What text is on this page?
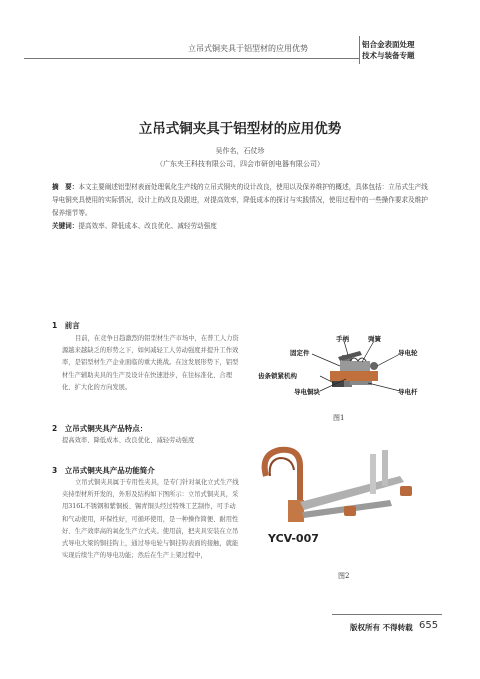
立吊式铜夹具于铝型材的应用优势	铝合金表面处理
技术与装备专题
立吊式铜夹具于铝型材的应用优势
吴作名，石仗珍
（广东夹王科技有限公司，四会市研创电器有限公司）
摘　要：本文主要阐述铝型材表面处理氧化生产线的立吊式铜夹的设计改良，使用以及保养维护的概述，具体包括：立吊式生产线导电铜夹具使用的实际情况，设计上的改良及跟进，对提高效率，降低成本的探讨与实践情况，使用过程中的一些操作要求及维护保养细节等。
关键词：提高效率、降低成本、改良优化、减轻劳动强度
1　前言
目前，在竞争日趋激烈的铝型材生产市场中，在普工人力资源越来越缺乏的形势之下，如何减轻工人劳动强度并提升工作效率，是铝型材生产企业面临的重大挑战。在这发展形势下，铝型材生产辅助夹具的生产及设计在快速进步，在往标准化、合理化、扩大化的方向发展。
2　立吊式铜夹具产品特点：
提高效率、降低成本、改良优化、减轻劳动强度
3　立吊式铜夹具产品功能简介
立吊式铜夹具属于专用性夹具，是专门针对氧化立式生产线夹持型材所开发的，外形及结构如下图所示：立吊式铜夹具，采用316L不锈钢和紫铜板、锡青铜头经过特殊工艺制作，可手动和气动使用，环保性好，可循环使用，是一种操作简便、耐用性好、生产效率高的氧化生产立式夹。使用前，把夹具安装在立吊式导电大梁的铜挂钩上，通过导电轮与铜挂钩表面的接触，就能实现后续生产的导电功能；然后在生产上架过程中，
手柄	弹簧
固定件	导电轮
齿条锁紧机构
导电铜块	导电杆
图1
YCV-007
图2
版权所有 不得转载 655
